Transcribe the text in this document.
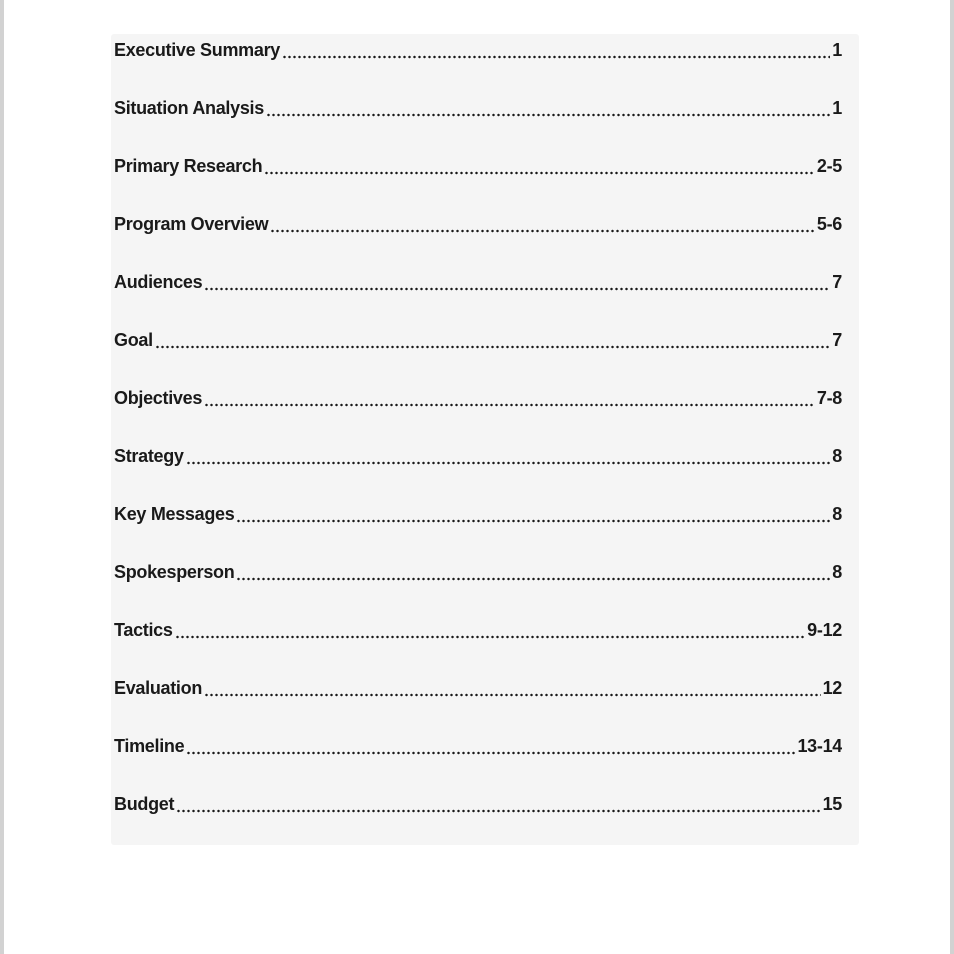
Executive Summary	1
Situation Analysis	1
Primary Research	2-5
Program Overview	5-6
Audiences	7
Goal	7
Objectives	7-8
Strategy	8
Key Messages	8
Spokesperson	8
Tactics	9-12
Evaluation	12
Timeline	13-14
Budget	15
